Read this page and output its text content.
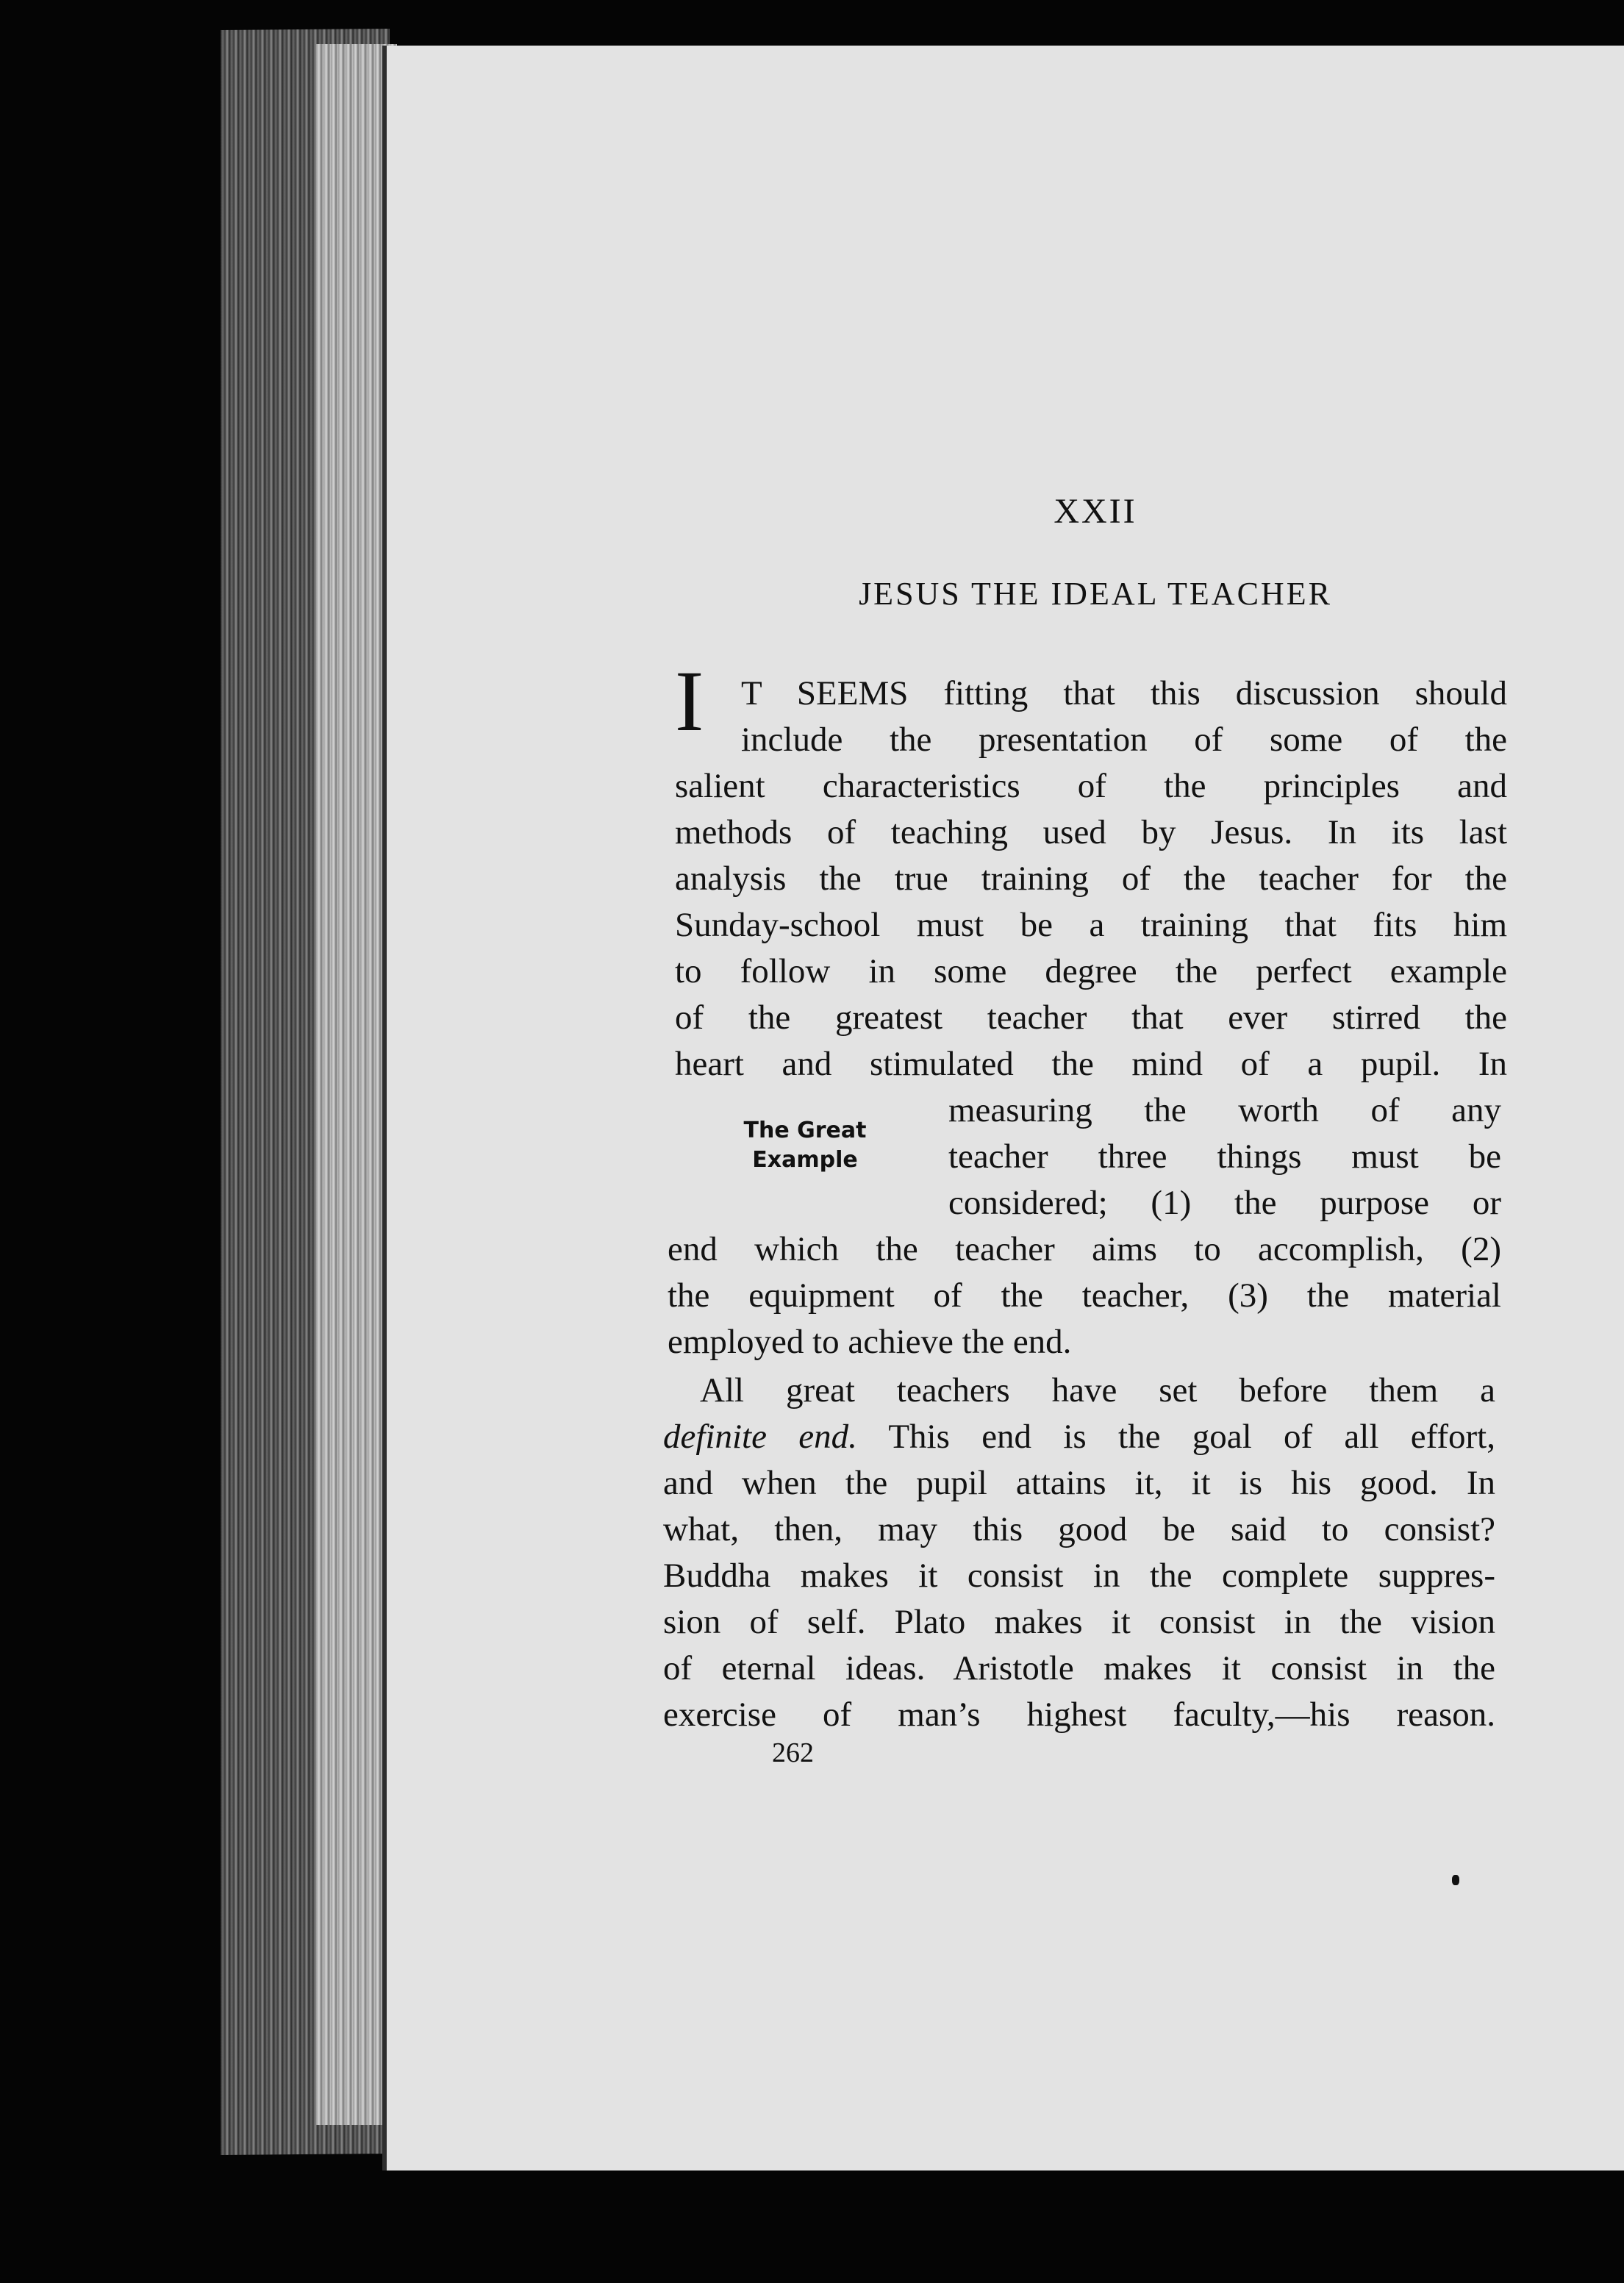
XXII
JESUS THE IDEAL TEACHER
I T SEEMS fitting that this discussion should
include the presentation of some of the
salient characteristics of the principles and
methods of teaching used by Jesus. In its last
analysis the true training of the teacher for the
Sunday-school must be a training that fits him
to follow in some degree the perfect example
of the greatest teacher that ever stirred the
heart and stimulated the mind of a pupil. In
The Great
Example
measuring the worth of any
teacher three things must be
considered; (1) the purpose or
end which the teacher aims to accomplish, (2)
the equipment of the teacher, (3) the material
employed to achieve the end.
All great teachers have set before them a
definite end. This end is the goal of all effort,
and when the pupil attains it, it is his good. In
what, then, may this good be said to consist?
Buddha makes it consist in the complete suppres-
sion of self. Plato makes it consist in the vision
of eternal ideas. Aristotle makes it consist in the
exercise of man’s highest faculty,—his reason.
262
